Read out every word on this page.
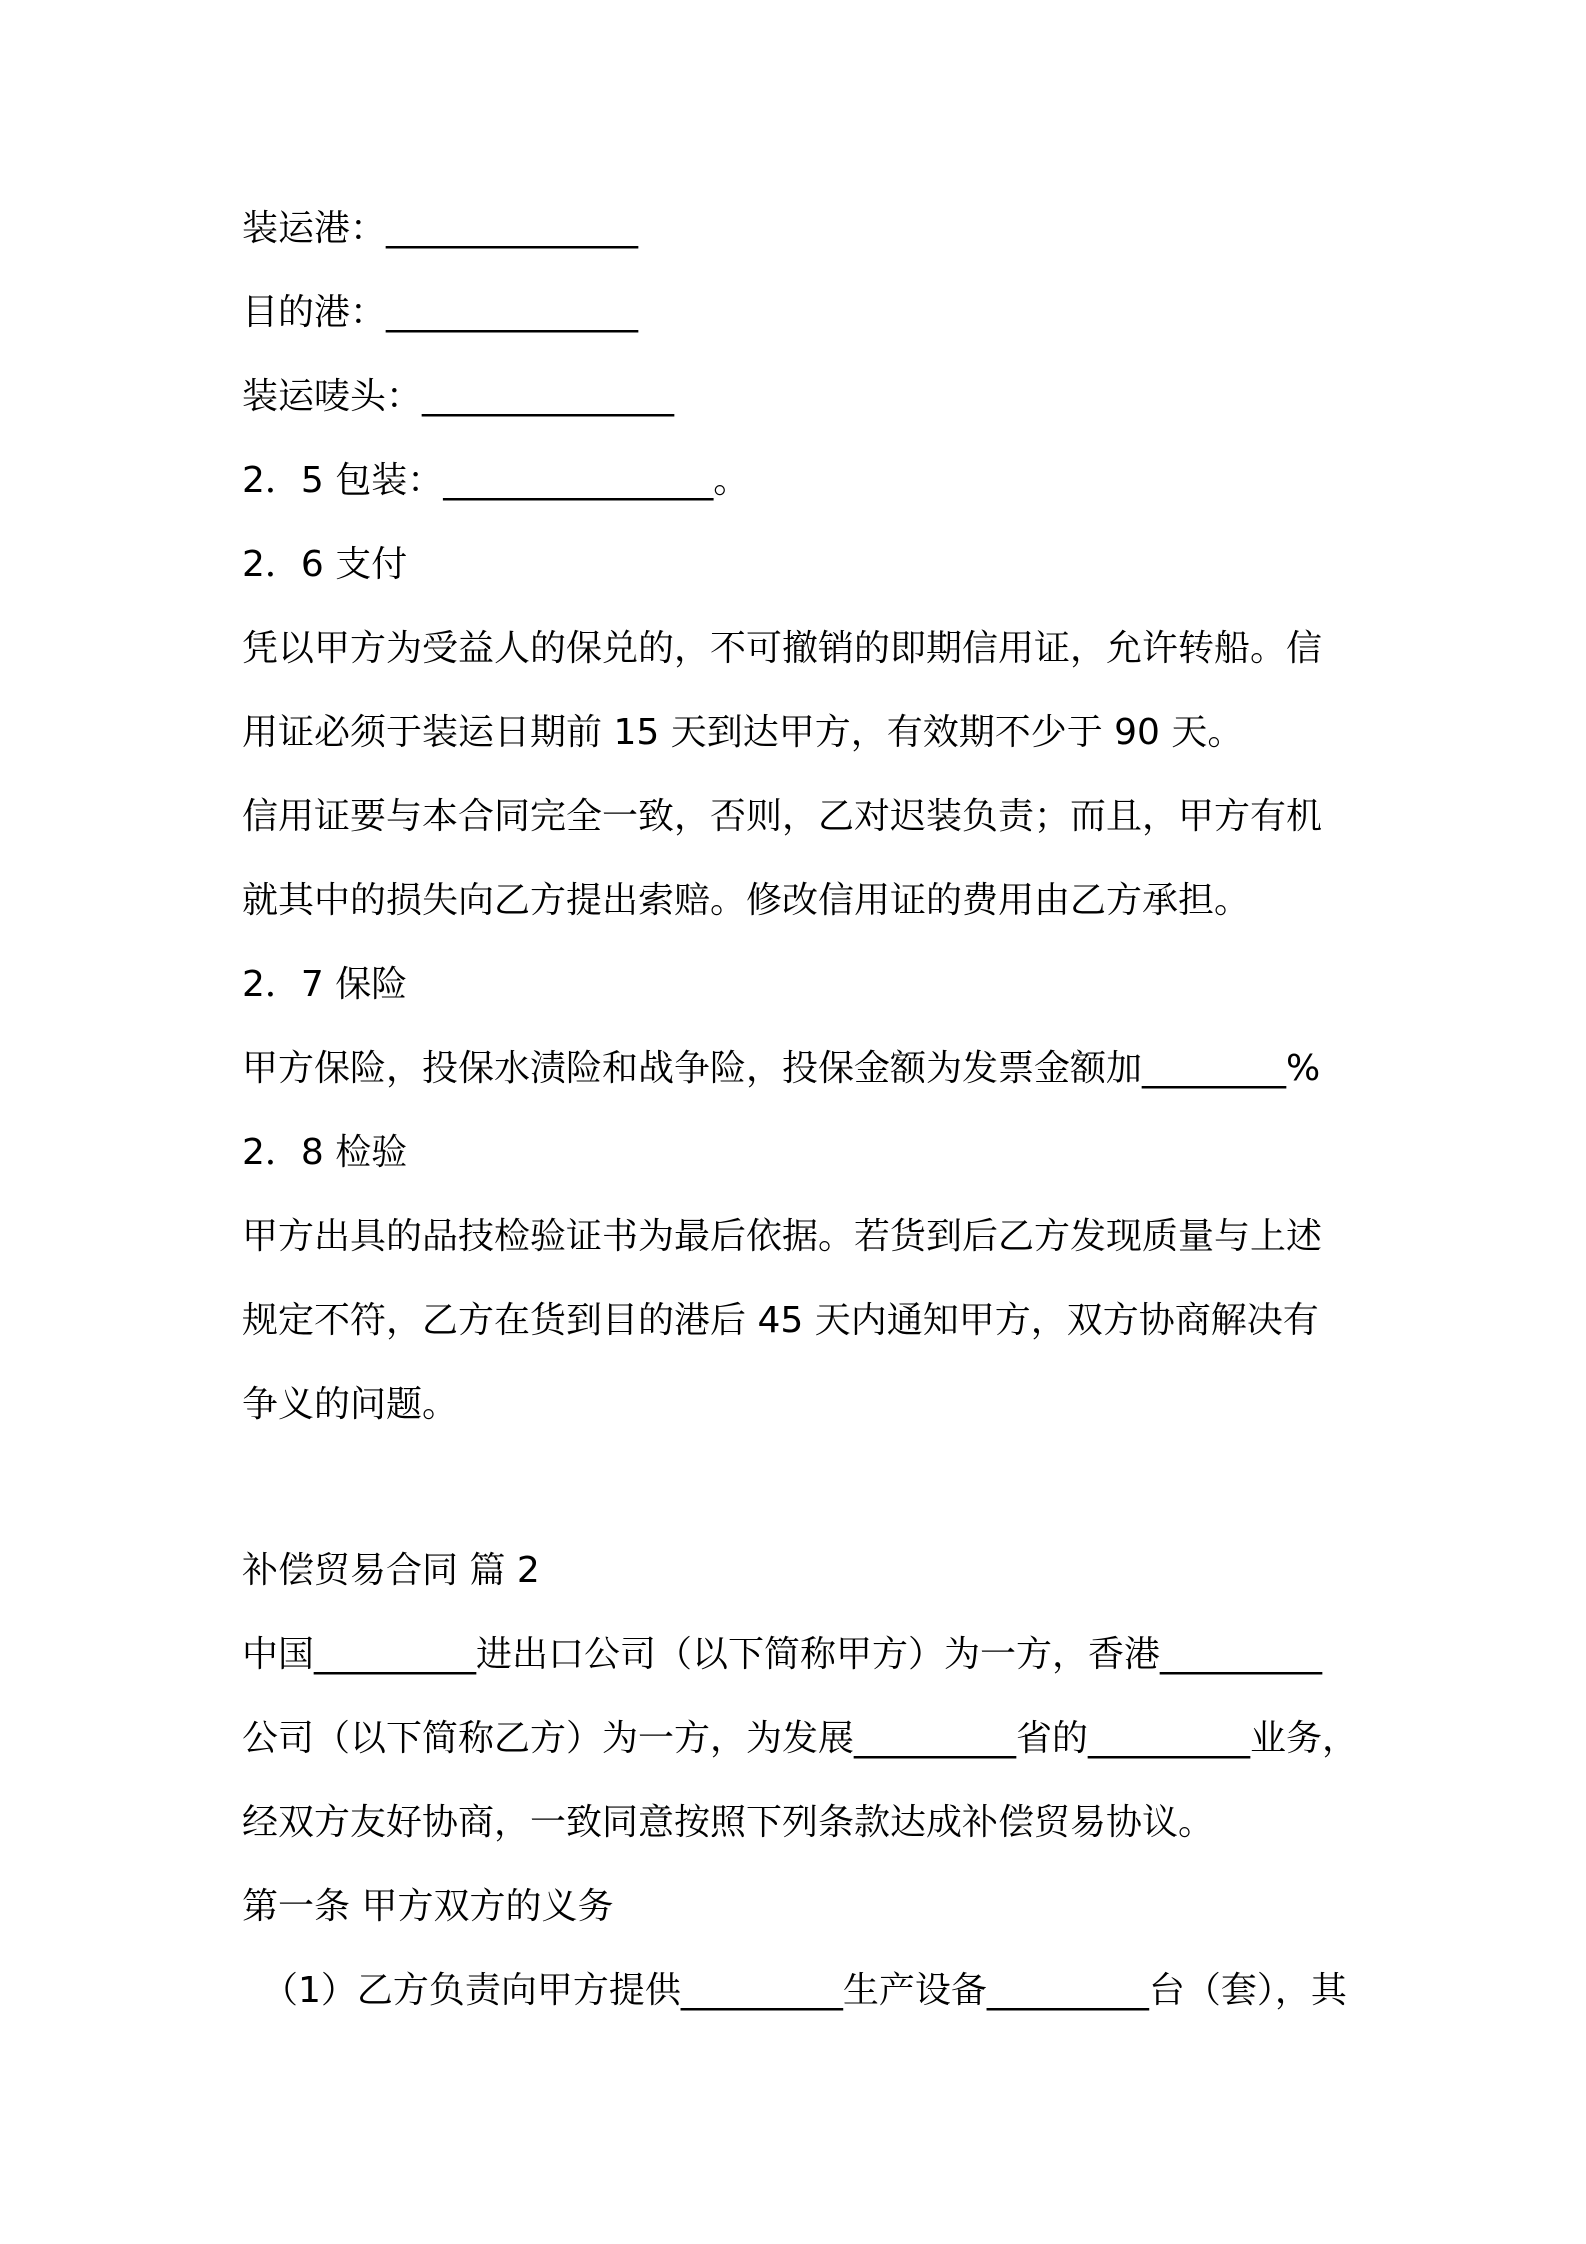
装运港：______________
目的港：______________
装运唛头：______________
2．5 包装：_______________。
2．6 支付
凭以甲方为受益人的保兑的，不可撤销的即期信用证，允许转船。信
用证必须于装运日期前 15 天到达甲方，有效期不少于 90 天。
信用证要与本合同完全一致，否则，乙对迟装负责；而且，甲方有机
就其中的损失向乙方提出索赔。修改信用证的费用由乙方承担。
2．7 保险
甲方保险，投保水渍险和战争险，投保金额为发票金额加________%
2．8 检验
甲方出具的品技检验证书为最后依据。若货到后乙方发现质量与上述
规定不符，乙方在货到目的港后 45 天内通知甲方，双方协商解决有
争义的问题。
补偿贸易合同 篇 2
中国_________进出口公司（以下简称甲方）为一方，香港_________
公司（以下简称乙方）为一方，为发展_________省的_________业务，
经双方友好协商，一致同意按照下列条款达成补偿贸易协议。
第一条 甲方双方的义务
（1）乙方负责向甲方提供_________生产设备_________台（套），其
